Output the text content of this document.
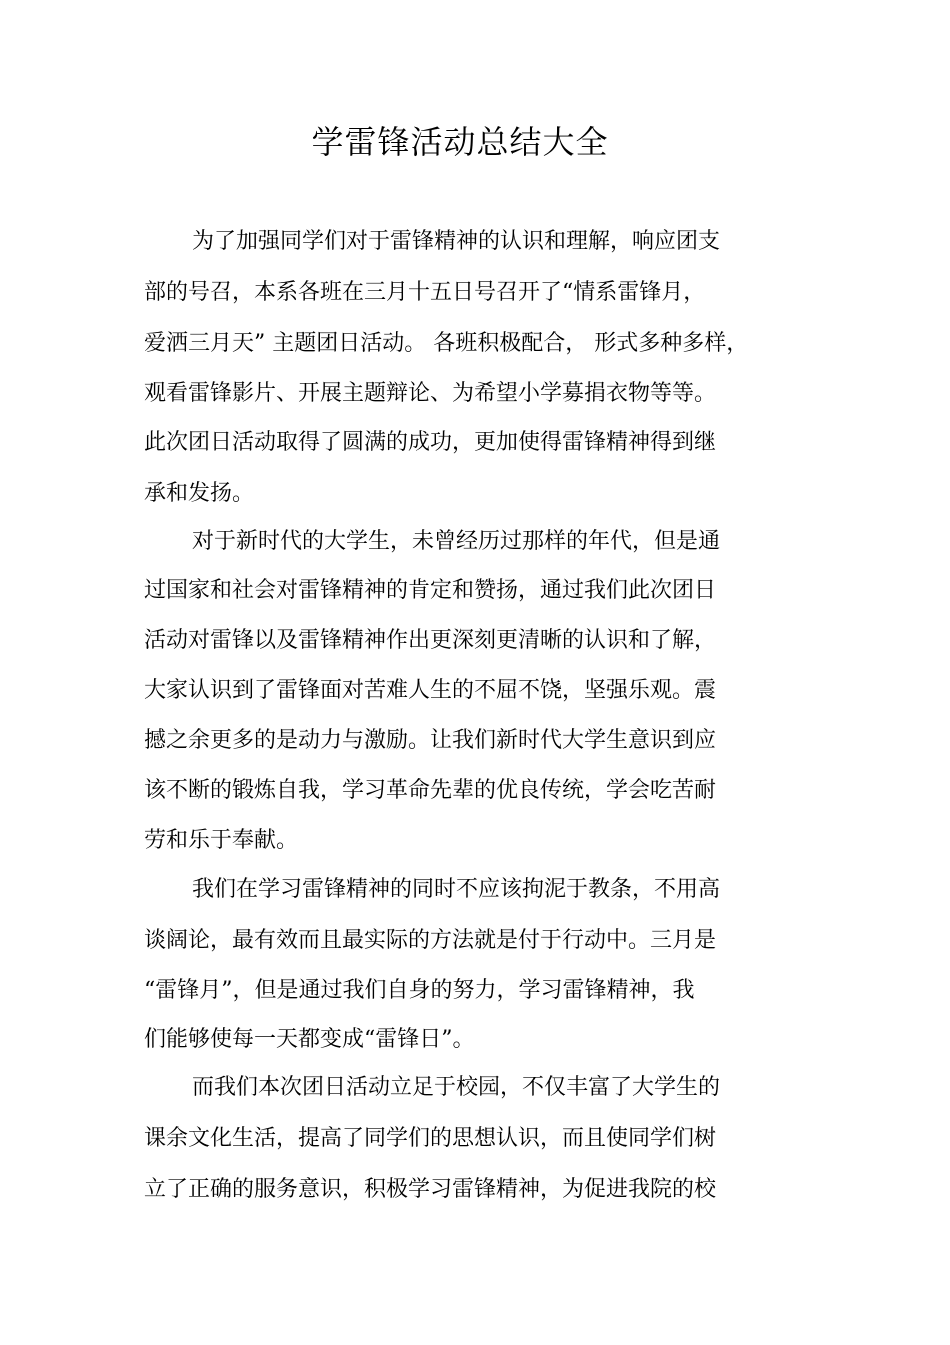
学雷锋活动总结大全
为了加强同学们对于雷锋精神的认识和理解，响应团支
部的号召，本系各班在三月十五日号召开了“情系雷锋月，
爱洒三月天” 主题团日活动。 各班积极配合， 形式多种多样，
观看雷锋影片、开展主题辩论、为希望小学募捐衣物等等。
此次团日活动取得了圆满的成功，更加使得雷锋精神得到继
承和发扬。
对于新时代的大学生，未曾经历过那样的年代，但是通
过国家和社会对雷锋精神的肯定和赞扬，通过我们此次团日
活动对雷锋以及雷锋精神作出更深刻更清晰的认识和了解，
大家认识到了雷锋面对苦难人生的不屈不饶，坚强乐观。震
撼之余更多的是动力与激励。让我们新时代大学生意识到应
该不断的锻炼自我，学习革命先辈的优良传统，学会吃苦耐
劳和乐于奉献。
我们在学习雷锋精神的同时不应该拘泥于教条，不用高
谈阔论，最有效而且最实际的方法就是付于行动中。三月是
“雷锋月”，但是通过我们自身的努力，学习雷锋精神，我
们能够使每一天都变成“雷锋日”。
而我们本次团日活动立足于校园，不仅丰富了大学生的
课余文化生活，提高了同学们的思想认识，而且使同学们树
立了正确的服务意识，积极学习雷锋精神，为促进我院的校
